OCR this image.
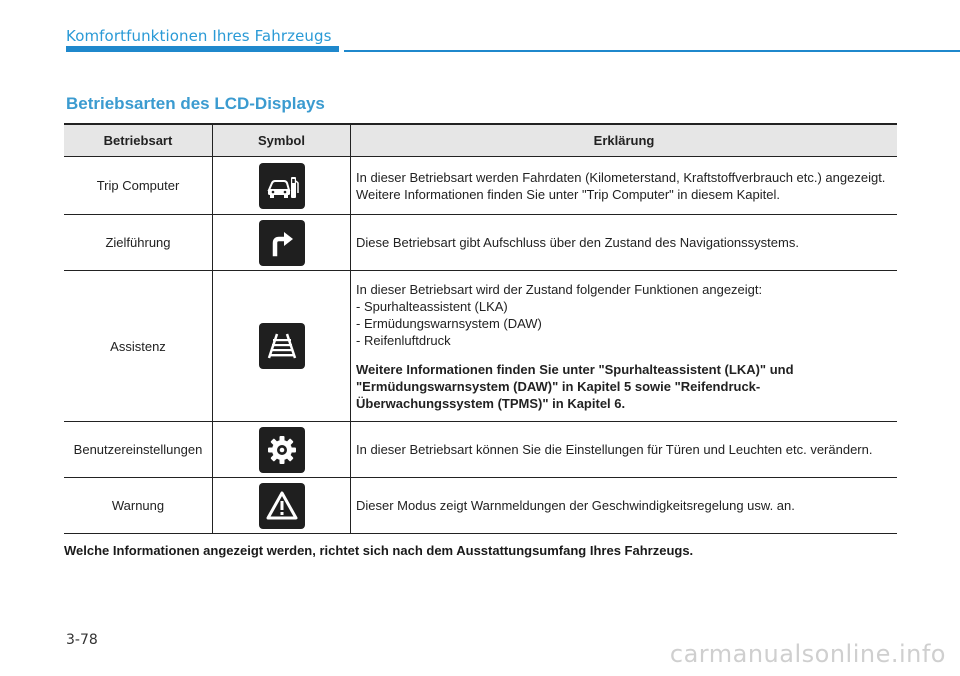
Komfortfunktionen Ihres Fahrzeugs
Betriebsarten des LCD-Displays
Betriebsart	Symbol	Erklärung
Trip Computer		In dieser Betriebsart werden Fahrdaten (Kilometerstand, Kraftstoffverbrauch etc.) angezeigt.

Weitere Informationen finden Sie unter "Trip Computer" in diesem Kapitel.

Zielführung		Diese Betriebsart gibt Aufschluss über den Zustand des Navigationssystems.

Assistenz		In dieser Betriebsart wird der Zustand folgender Funktionen angezeigt:

- Spurhalteassistent (LKA)

- Ermüdungswarnsystem (DAW)

- Reifenluftdruck

Weitere Informationen finden Sie unter "Spurhalteassistent (LKA)" und "Ermüdungswarnsystem (DAW)" in Kapitel 5 sowie "Reifendruck-Überwachungssystem (TPMS)" in Kapitel 6.

Benutzereinstellungen		In dieser Betriebsart können Sie die Einstellungen für Türen und Leuchten etc. verändern.

Warnung		Dieser Modus zeigt Warnmeldungen der Geschwindigkeitsregelung usw. an.

Welche Informationen angezeigt werden, richtet sich nach dem Ausstattungsumfang Ihres Fahrzeugs.
3-78	carmanualsonline.info
